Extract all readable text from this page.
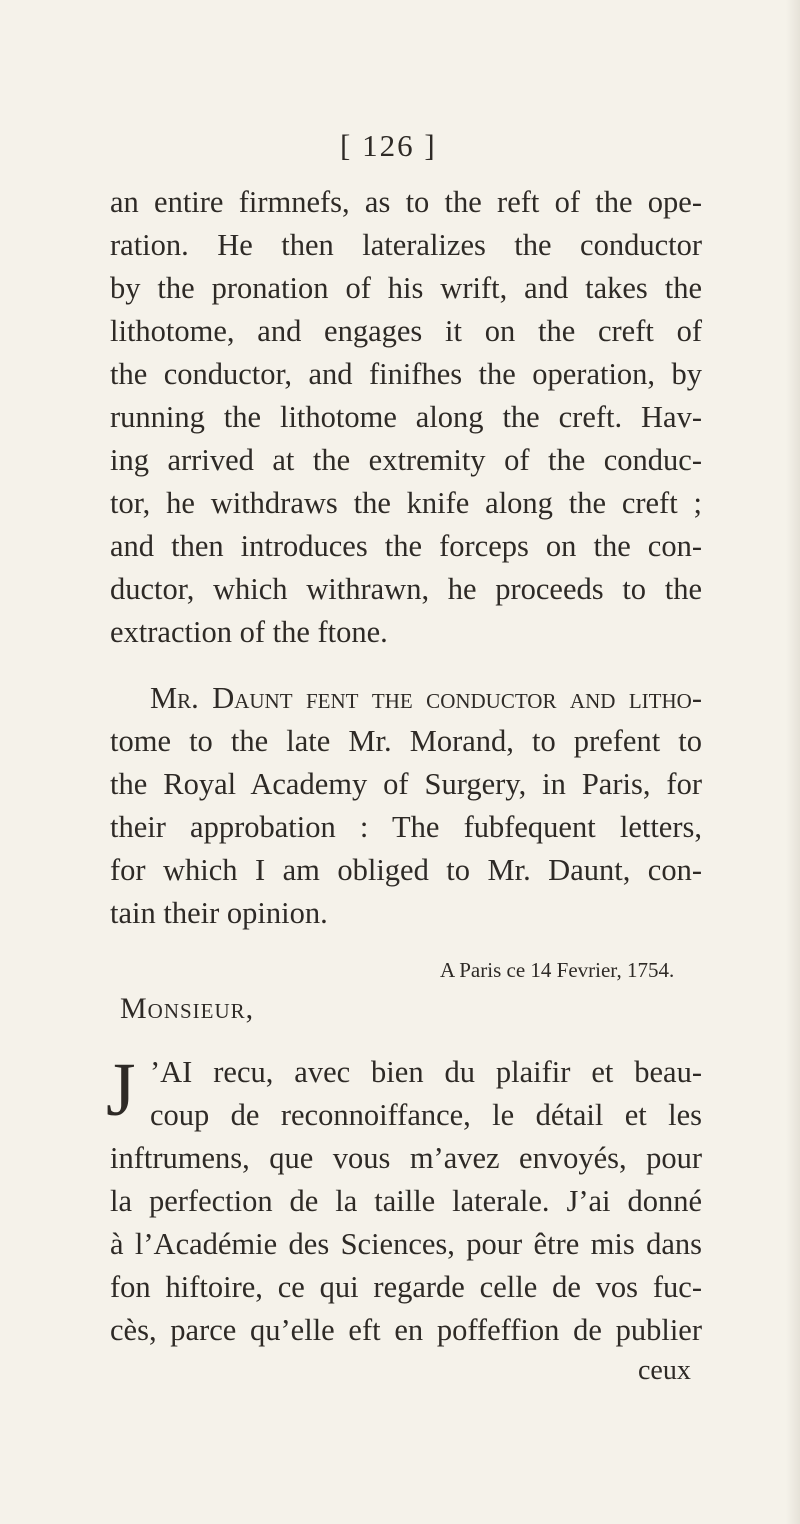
[ 126 ]
an entire firmnefs, as to the reft of the ope-
ration. He then lateralizes the conductor
by the pronation of his wrift, and takes the
lithotome, and engages it on the creft of
the conductor, and finifhes the operation, by
running the lithotome along the creft. Hav-
ing arrived at the extremity of the conduc-
tor, he withdraws the knife along the creft ;
and then introduces the forceps on the con-
ductor, which withrawn, he proceeds to the
extraction of the ftone.
Mr. Daunt fent the conductor and litho-
tome to the late Mr. Morand, to prefent to
the Royal Academy of Surgery, in Paris, for
their approbation : The fubfequent letters,
for which I am obliged to Mr. Daunt, con-
tain their opinion.
A Paris ce 14 Fevrier, 1754.
Monsieur,
J ’AI recu, avec bien du plaifir et beau-
coup de reconnoiffance, le détail et les
inftrumens, que vous m’avez envoyés, pour
la perfection de la taille laterale. J’ai donné
à l’Académie des Sciences, pour être mis dans
fon hiftoire, ce qui regarde celle de vos fuc-
cès, parce qu’elle eft en poffeffion de publier
ceux
